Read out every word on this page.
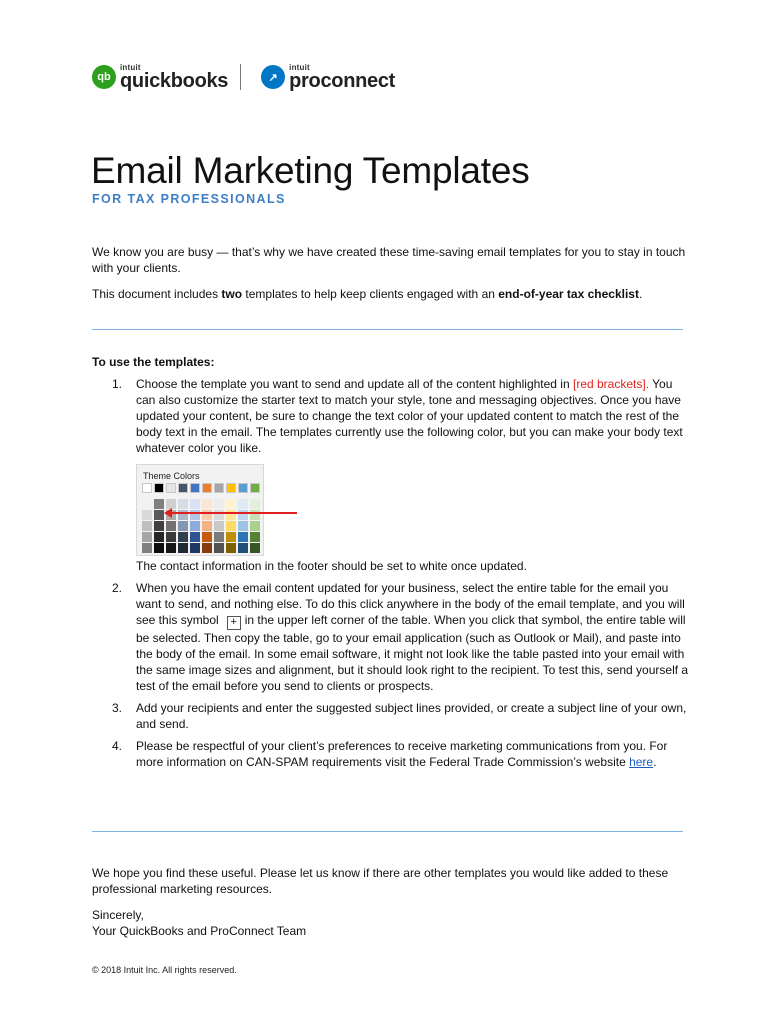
qb
intuit
quickbooks	↗
intuit
proconnect
Email Marketing Templates
FOR TAX PROFESSIONALS
We know you are busy — that’s why we have created these time-saving email templates for you to stay in touch with your clients.
This document includes two templates to help keep clients engaged with an end-of-year tax checklist.
To use the templates:
1. Choose the template you want to send and update all of the content highlighted in [red brackets]. You can also customize the starter text to match your style, tone and messaging objectives. Once you have updated your content, be sure to change the text color of your updated content to match the rest of the body text in the email. The templates currently use the following color, but you can make your body text whatever color you like.
Theme Colors
The contact information in the footer should be set to white once updated.
2. When you have the email content updated for your business, select the entire table for the email you want to send, and nothing else. To do this click anywhere in the body of the email template, and you will see this symbol + in the upper left corner of the table. When you click that symbol, the entire table will be selected. Then copy the table, go to your email application (such as Outlook or Mail), and paste into the body of the email. In some email software, it might not look like the table pasted into your email with the same image sizes and alignment, but it should look right to the recipient. To test this, send yourself a test of the email before you send to clients or prospects.
3. Add your recipients and enter the suggested subject lines provided, or create a subject line of your own, and send.
4. Please be respectful of your client’s preferences to receive marketing communications from you. For more information on CAN-SPAM requirements visit the Federal Trade Commission’s website here.
We hope you find these useful. Please let us know if there are other templates you would like added to these professional marketing resources.
Sincerely,
Your QuickBooks and ProConnect Team
© 2018 Intuit Inc. All rights reserved.
